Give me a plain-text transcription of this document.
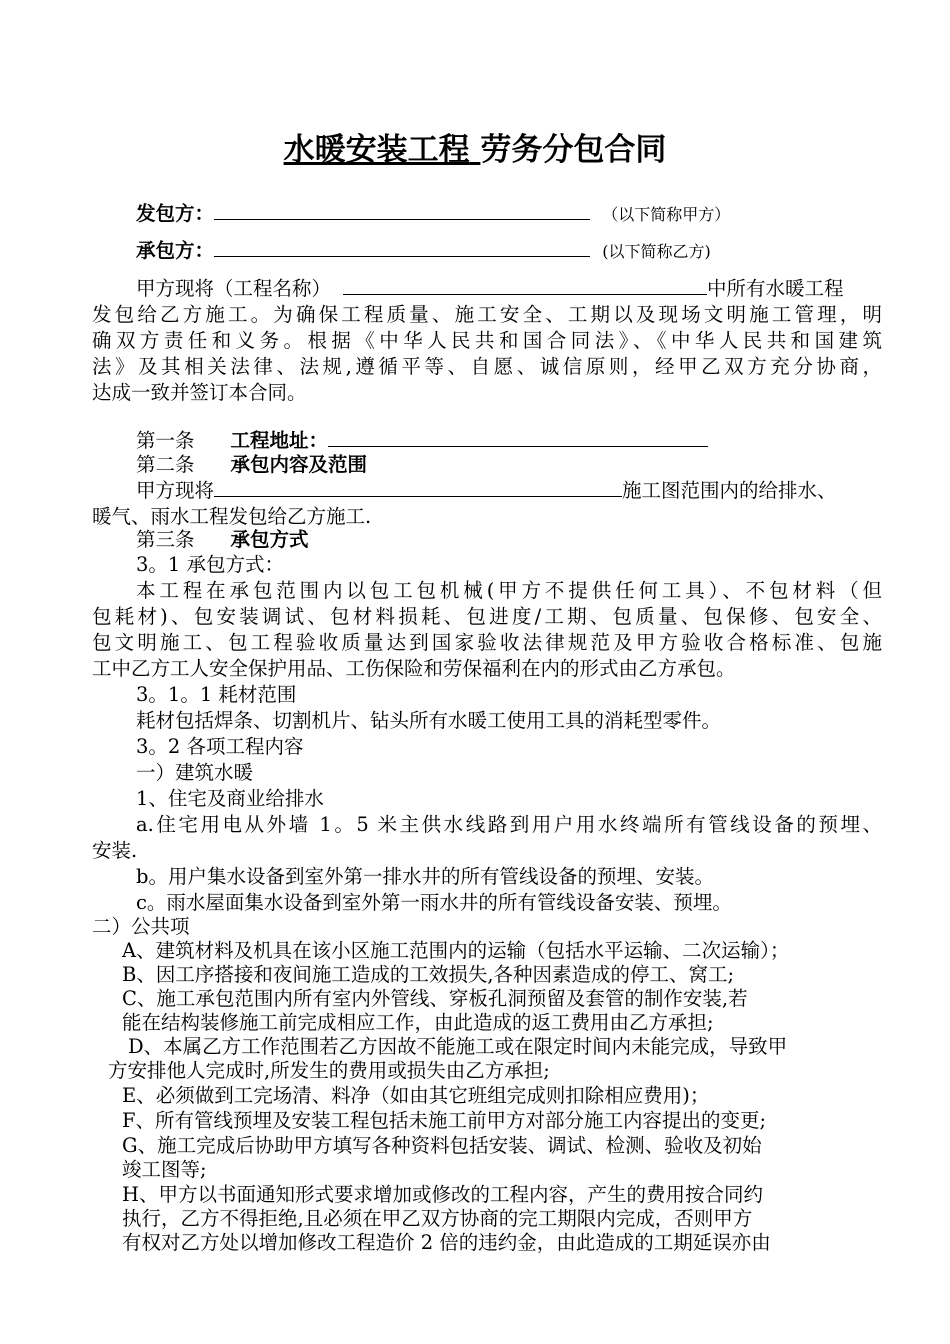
水暖安装工程 劳务分包合同
发包方：	（以下简称甲方）
承包方：	(以下简称乙方)
甲方现将（工程名称）	中所有水暖工程
发包给乙方施工。为确保工程质量、施工安全、工期以及现场文明施工管理，明
确双方责任和义务。根据《中华人民共和国合同法》、《中华人民共和国建筑
法》及其相关法律、法规,遵循平等、自愿、诚信原则，经甲乙双方充分协商，
达成一致并签订本合同。
第一条 工程地址：
第二条 承包内容及范围
甲方现将	施工图范围内的给排水、
暖气、雨水工程发包给乙方施工.
第三条 承包方式
3。1 承包方式：
本工程在承包范围内以包工包机械(甲方不提供任何工具）、不包材料（但
包耗材)、包安装调试、包材料损耗、包进度/工期、包质量、包保修、包安全、
包文明施工、包工程验收质量达到国家验收法律规范及甲方验收合格标准、包施
工中乙方工人安全保护用品、工伤保险和劳保福利在内的形式由乙方承包。
3。1。1 耗材范围
耗材包括焊条、切割机片、钻头所有水暖工使用工具的消耗型零件。
3。2 各项工程内容
一）建筑水暖
1、住宅及商业给排水
a.住宅用电从外墙 1。5 米主供水线路到用户用水终端所有管线设备的预埋、
安装.
b。用户集水设备到室外第一排水井的所有管线设备的预埋、安装。
c。雨水屋面集水设备到室外第一雨水井的所有管线设备安装、预埋。
二）公共项
A、建筑材料及机具在该小区施工范围内的运输（包括水平运输、二次运输）；
B、因工序搭接和夜间施工造成的工效损失,各种因素造成的停工、窝工;
C、施工承包范围内所有室内外管线、穿板孔洞预留及套管的制作安装,若
能在结构装修施工前完成相应工作，由此造成的返工费用由乙方承担;
D、本属乙方工作范围若乙方因故不能施工或在限定时间内未能完成，导致甲
方安排他人完成时,所发生的费用或损失由乙方承担;
E、必须做到工完场清、料净（如由其它班组完成则扣除相应费用)；
F、所有管线预埋及安装工程包括未施工前甲方对部分施工内容提出的变更;
G、施工完成后协助甲方填写各种资料包括安装、调试、检测、验收及初始
竣工图等;
H、甲方以书面通知形式要求增加或修改的工程内容，产生的费用按合同约
执行，乙方不得拒绝,且必须在甲乙双方协商的完工期限内完成，否则甲方
有权对乙方处以增加修改工程造价 2 倍的违约金，由此造成的工期延误亦由
